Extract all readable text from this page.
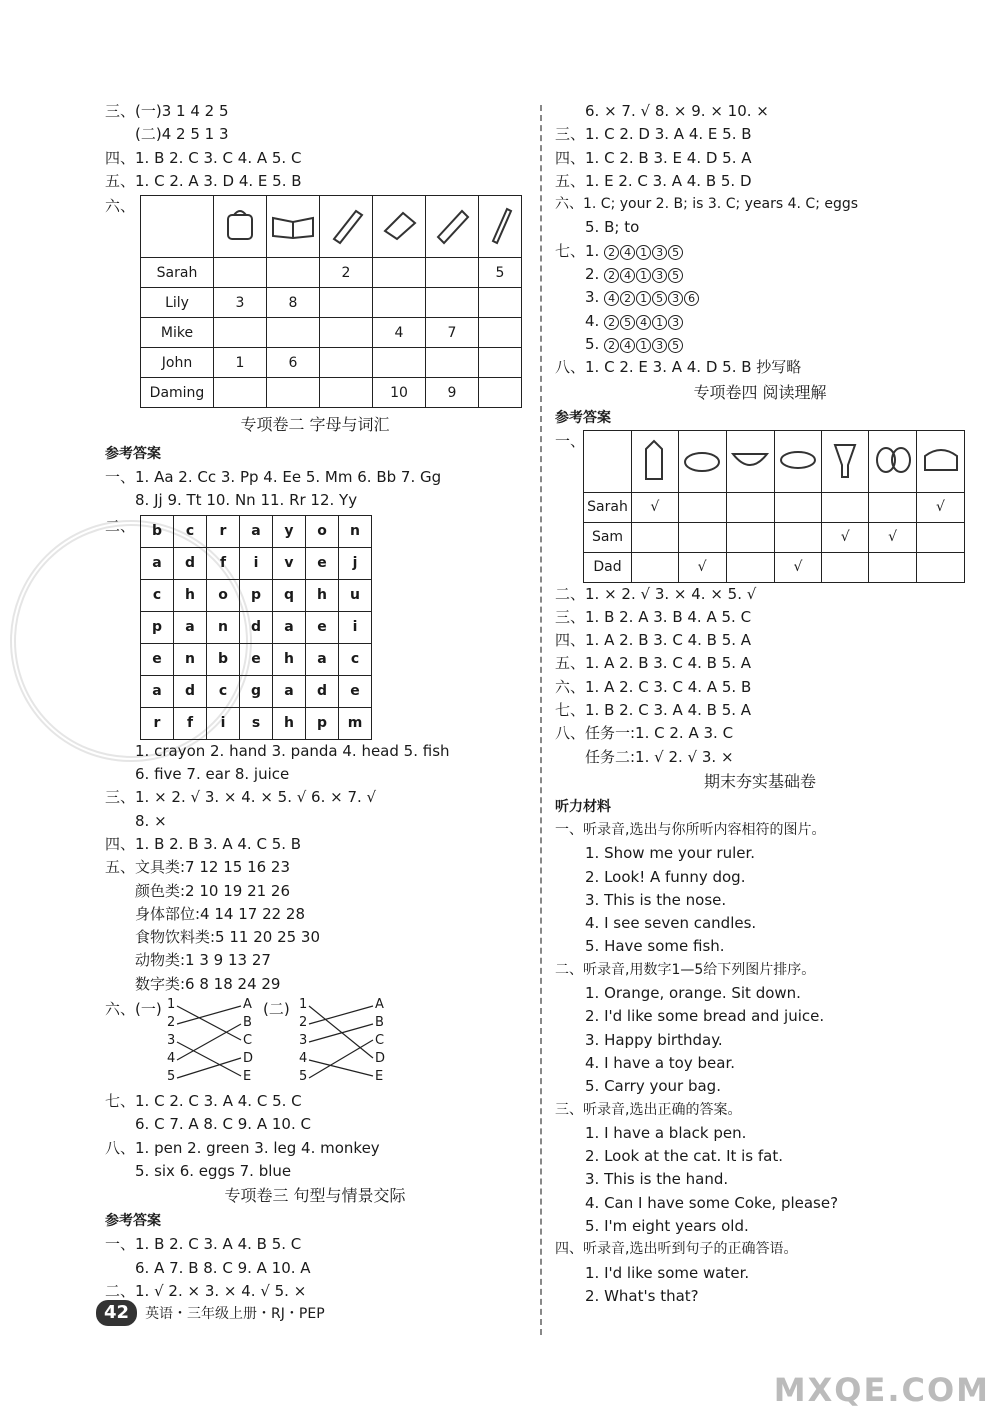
三、(一)3 1 4 2 5
(二)4 2 5 1 3
四、1. B 2. C 3. C 4. A 5. C
五、1. C 2. A 3. D 4. E 5. B
六、

Sarah			2			5
Lily	3	8				
Mike				4	7	
John	1	6				
Daming				10	9	
专项卷二 字母与词汇
参考答案
一、1. Aa 2. Cc 3. Pp 4. Ee 5. Mm 6. Bb 7. Gg
8. Jj 9. Tt 10. Nn 11. Rr 12. Yy
二、	b	c	r	a	y	o	n
a	d	f	i	v	e	j
c	h	o	p	q	h	u
p	a	n	d	a	e	i
e	n	b	e	h	a	c
a	d	c	g	a	d	e
r	f	i	s	h	p	m
1. crayon 2. hand 3. panda 4. head 5. fish
6. five 7. ear 8. juice
三、1. × 2. √ 3. × 4. × 5. √ 6. × 7. √
8. ×
四、1. B 2. B 3. A 4. C 5. B
五、文具类:7 12 15 16 23
颜色类:2 10 19 21 26
身体部位:4 14 17 22 28
食物饮料类:5 11 20 25 30
动物类:1 3 9 13 27
数字类:6 8 18 24 29
六、(一)	(二)
1
2
3
4
5
A
B
C
D
E
1
2
3
4
5
A
B
C
D
E
七、1. C 2. C 3. A 4. C 5. C
6. C 7. A 8. C 9. A 10. C
八、1. pen 2. green 3. leg 4. monkey
5. six 6. eggs 7. blue
专项卷三 句型与情景交际
参考答案
一、1. B 2. C 3. A 4. B 5. C
6. A 7. B 8. C 9. A 10. A
二、1. √ 2. × 3. × 4. √ 5. ×
6. × 7. √ 8. × 9. × 10. ×
三、1. C 2. D 3. A 4. E 5. B
四、1. C 2. B 3. E 4. D 5. A
五、1. E 2. C 3. A 4. B 5. D
六、1. C; your 2. B; is 3. C; years 4. C; eggs
5. B; to
七、1. 2 4 1 3 5
2. 2 4 1 3 5
3. 4 2 1 5 3 6
4. 2 5 4 1 3
5. 2 4 1 3 5
八、1. C 2. E 3. A 4. D 5. B 抄写略
专项卷四 阅读理解
参考答案
一、

Sarah	√						√
Sam					√	√	
Dad		√		√			
二、1. × 2. √ 3. × 4. × 5. √
三、1. B 2. A 3. B 4. A 5. C
四、1. A 2. B 3. C 4. B 5. A
五、1. A 2. B 3. C 4. B 5. A
六、1. A 2. C 3. C 4. A 5. B
七、1. B 2. C 3. A 4. B 5. A
八、任务一:1. C 2. A 3. C
任务二:1. √ 2. √ 3. ×
期末夯实基础卷
听力材料
一、听录音,选出与你所听内容相符的图片。
1. Show me your ruler.
2. Look! A funny dog.
3. This is the nose.
4. I see seven candles.
5. Have some fish.
二、听录音,用数字1—5给下列图片排序。
1. Orange, orange. Sit down.
2. I'd like some bread and juice.
3. Happy birthday.
4. I have a toy bear.
5. Carry your bag.
三、听录音,选出正确的答案。
1. I have a black pen.
2. Look at the cat. It is fat.
3. This is the hand.
4. Can I have some Coke, please?
5. I'm eight years old.
四、听录音,选出听到句子的正确答语。
1. I'd like some water.
2. What's that?
42	英语・三年级上册・RJ・PEP
MXQE.COM
